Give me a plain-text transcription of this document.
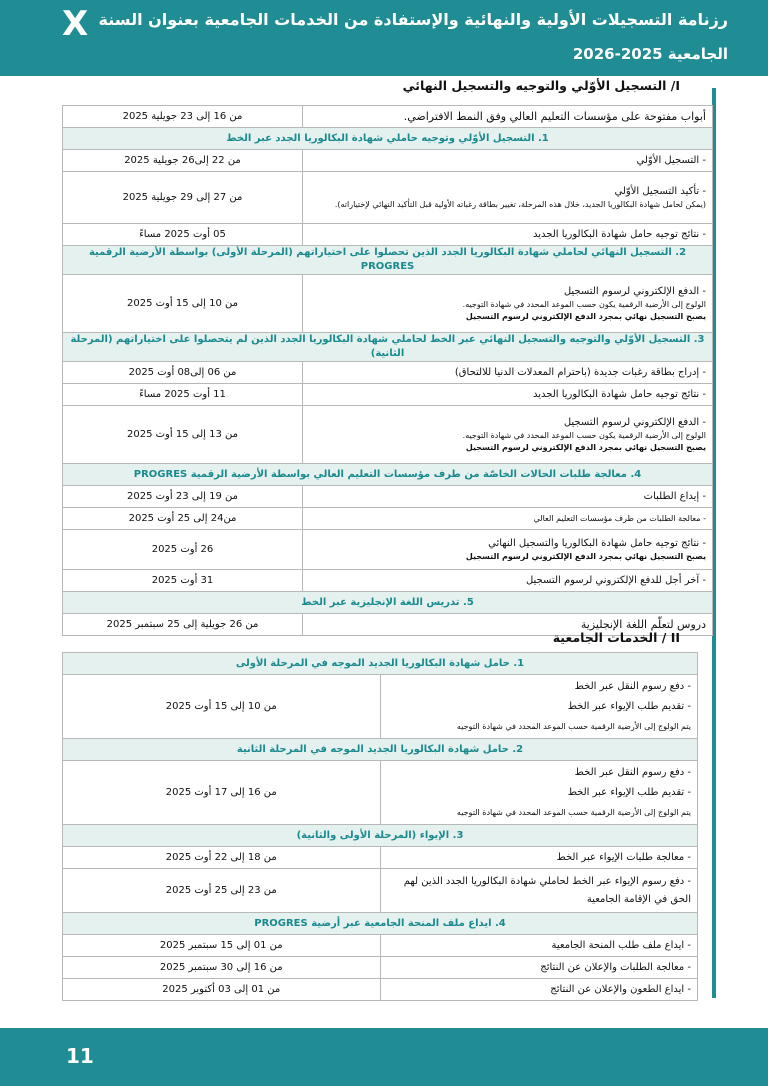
X رزنامة التسجيلات الأولية والنهائية والإستفادة من الخدمات الجامعية بعنوان السنة
الجامعية 2025-2026
I/ التسجيل الأوّلي والتوجيه والتسجيل النهائي
أبواب مفتوحة على مؤسسات التعليم العالي وفق النمط الافتراضي.	من 16 إلى 23 جويلية 2025
1. التسجيل الأوّلي وتوجيه حاملي شهادة البكالوريا الجدد عبر الخط	
- التسجيل الأوّلي	من 22 إلى26 جويلية 2025

- تأكيد التسجيل الأوّلي
(يمكن لحامل شهادة البكالوريا الجديد، خلال هذه المرحلة، تغيير بطاقة رغباته الأولية قبل التأكيد النهائي لإختياراته).	من 27 إلى 29 جويلية 2025
- نتائج توجيه حامل شهادة البكالوريا الجديد	05 أوت 2025 مساءً
2. التسجيل النهائي لحاملي شهادة البكالوريا الجدد الذين تحصلوا على اختياراتهم (المرحلة الأولى) بواسطة الأرضية الرقمية PROGRES	

- الدفع الإلكتروني لرسوم التسجيل
الولوج إلى الأرضية الرقمية يكون حسب الموعد المحدد في شهادة التوجيه.
يصبح التسجيل نهائي بمجرد الدفع الإلكتروني لرسوم التسجيل	من 10 إلى 15 أوت 2025
3. التسجيل الأوّلي والتوجيه والتسجيل النهائي عبر الخط لحاملي شهادة البكالوريا الجدد الذين لم يتحصلوا على اختياراتهم (المرحلة الثانية)	
- إدراج بطاقة رغبات جديدة (باحترام المعدلات الدنيا للالتحاق)	من 06 إلى08 أوت 2025
- نتائج توجيه حامل شهادة البكالوريا الجديد	11 أوت 2025 مساءً

- الدفع الإلكتروني لرسوم التسجيل
الولوج إلى الأرضية الرقمية يكون حسب الموعد المحدد في شهادة التوجيه.
يصبح التسجيل نهائي بمجرد الدفع الإلكتروني لرسوم التسجيل	من 13 إلى 15 أوت 2025
4. معالجة طلبات الحالات الخاصّة من طرف مؤسسات التعليم العالي بواسطة الأرضية الرقمية PROGRES	
- إيداع الطلبات	من 19 إلى 23 أوت 2025
- معالجة الطلبات من طرف مؤسسات التعليم العالي	من24 إلى 25 أوت 2025

- نتائج توجيه حامل شهادة البكالوريا والتسجيل النهائي
يصبح التسجيل نهائي بمجرد الدفع الإلكتروني لرسوم التسجيل	26 أوت 2025
- آخر أجل للدفع الإلكتروني لرسوم التسجيل	31 أوت 2025
5. تدريس اللغة الإنجليزية عبر الخط	
دروس لتعلّم اللغة الإنجليزية	من 26 جويلية إلى 25 سبتمبر 2025
II / الخدمات الجامعية
1. حامل شهادة البكالوريا الجديد الموجه في المرحلة الأولى	

- دفع رسوم النقل عبر الخط
- تقديم طلب الإيواء عبر الخط
يتم الولوج إلى الأرضية الرقمية حسب الموعد المحدد في شهادة التوجيه	من 10 إلى 15 أوت 2025
2. حامل شهادة البكالوريا الجديد الموجه في المرحلة الثانية	

- دفع رسوم النقل عبر الخط
- تقديم طلب الإيواء عبر الخط
يتم الولوج إلى الأرضية الرقمية حسب الموعد المحدد في شهادة التوجيه	من 16 إلى 17 أوت 2025
3. الإيواء (المرحلة الأولى والثانية)	
- معالجة طلبات الإيواء عبر الخط	من 18 إلى 22 أوت 2025
- دفع رسوم الإيواء عبر الخط لحاملي شهادة البكالوريا الجدد الذين لهم الحق في الإقامة الجامعية	من 23 إلى 25 أوت 2025
4. ايداع ملف المنحة الجامعية عبر أرضية PROGRES	
- ايداع ملف طلب المنحة الجامعية	من 01 إلى 15 سبتمبر 2025
- معالجة الطلبات والإعلان عن النتائج	من 16 إلى 30 سبتمبر 2025
- ايداع الطعون والإعلان عن النتائج	من 01 إلى 03 أكتوبر 2025
11
